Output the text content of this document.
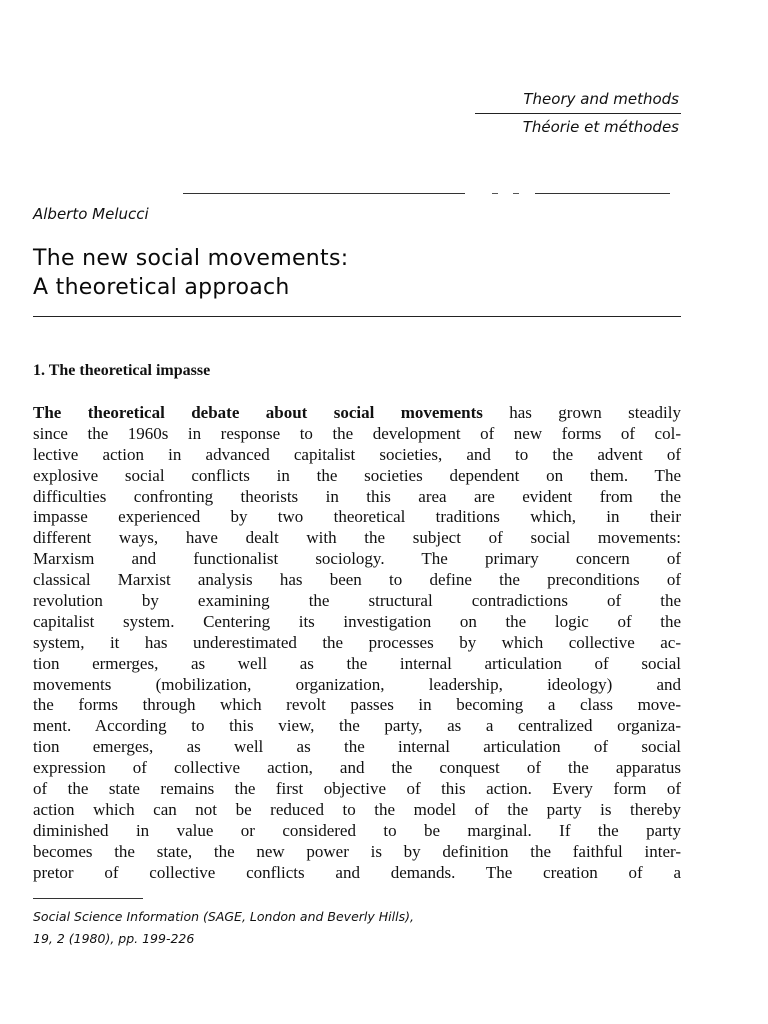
Theory and methods
Théorie et méthodes
Alberto Melucci
The new social movements:
A theoretical approach
1. The theoretical impasse
The theoretical debate about social movements has grown steadily
since the 1960s in response to the development of new forms of col-
lective action in advanced capitalist societies, and to the advent of
explosive social conflicts in the societies dependent on them. The
difficulties confronting theorists in this area are evident from the
impasse experienced by two theoretical traditions which, in their
different ways, have dealt with the subject of social movements:
Marxism and functionalist sociology. The primary concern of
classical Marxist analysis has been to define the preconditions of
revolution by examining the structural contradictions of the
capitalist system. Centering its investigation on the logic of the
system, it has underestimated the processes by which collective ac-
tion ermerges, as well as the internal articulation of social
movements (mobilization, organization, leadership, ideology) and
the forms through which revolt passes in becoming a class move-
ment. According to this view, the party, as a centralized organiza-
tion emerges, as well as the internal articulation of social
expression of collective action, and the conquest of the apparatus
of the state remains the first objective of this action. Every form of
action which can not be reduced to the model of the party is thereby
diminished in value or considered to be marginal. If the party
becomes the state, the new power is by definition the faithful inter-
pretor of collective conflicts and demands. The creation of a
Social Science Information (SAGE, London and Beverly Hills),
19, 2 (1980), pp. 199-226
